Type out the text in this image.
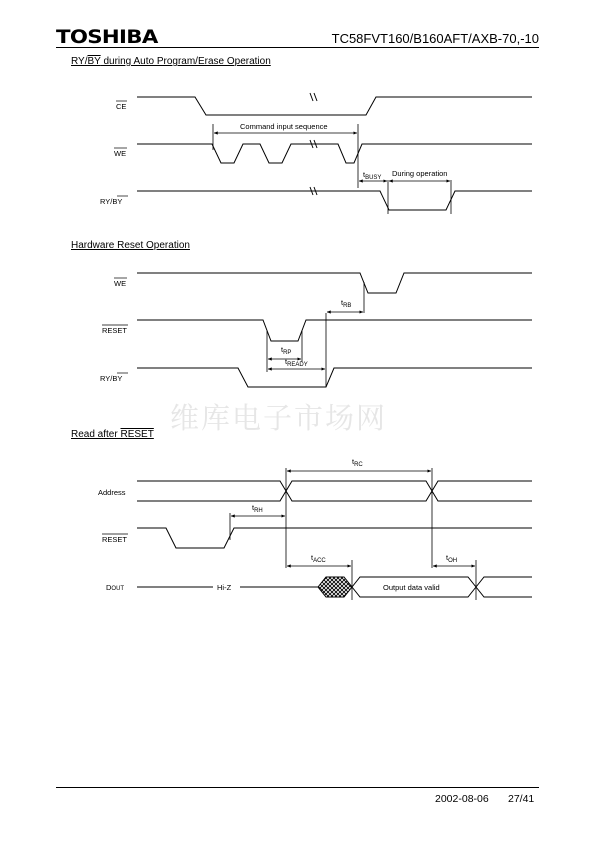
TOSHIBA	TC58FVT160/B160AFT/AXB-70,-10
RY/BY during Auto Program/Erase Operation
Hardware Reset Operation
Read after RESET 维库电子市场网
CE
WE
RY/BY
Command input sequence
$t_{BUSY}$ During operation
WE
RESET
RY/BY
$t_{RB}$
$t_{RP}$
$t_{READY}$
Address
RESET
DOUT
$t_{RC}$
$t_{RH}$
$t_{ACC}$	$t_{OH}$
Hi-Z	Output data valid
2002-08-06 27/41
